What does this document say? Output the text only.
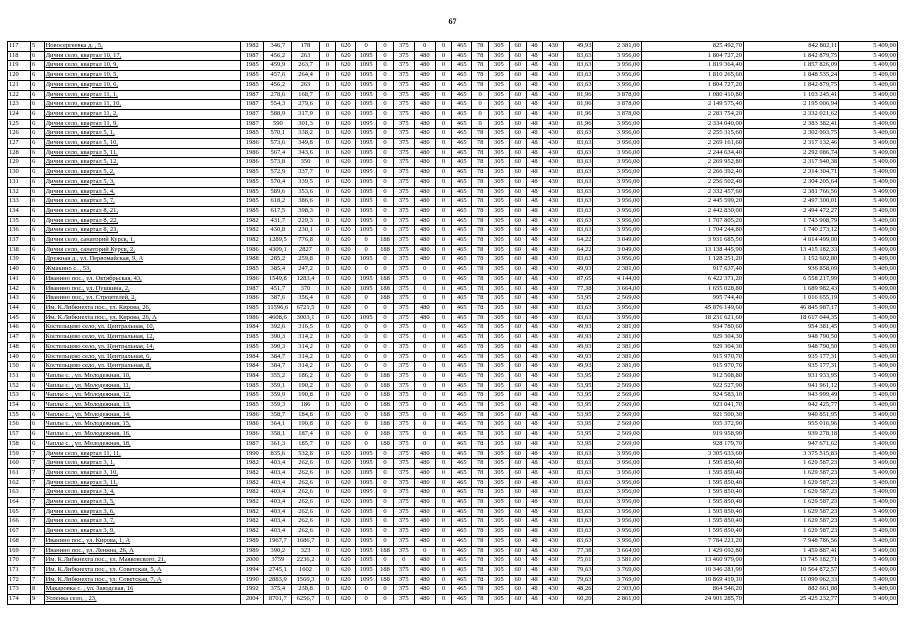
67
117	5	Новосергеевка д. , 5,	1982	346,7	178	0	620	0	0	375	0	0	465	78	305	60	48	430	49,93	2 381,00	825 492,70	842 802,11	5 409,00
118	6	Дичня село, квартал 10, 17,	1987	456,2	263	0	620	1095	0	375	480	0	465	78	305	60	48	430	83,63	3 956,00	1 804 727,20	1 842 879,75	5 409,00
119	6	Дичня село, квартал 10, 9,	1985	459,9	263,7	0	620	1095	0	375	480	0	465	78	305	60	48	430	83,63	3 956,00	1 819 364,40	1 857 826,09	5 409,00
120	6	Дичня село, квартал 10, 5,	1985	457,6	264,4	0	620	1095	0	375	480	0	465	78	305	60	48	430	83,63	3 956,00	1 810 265,60	1 848 535,24	5 409,00
121	6	Дичня село, квартал 10, 6,	1985	456,2	263	0	620	1095	0	375	480	0	465	78	305	60	48	430	83,63	3 956,00	1 804 727,20	1 842 879,75	5 409,00
122	6	Дичня село, квартал 11, 1,	1987	278,6	168,7	0	620	1095	0	375	480	0	465	0	305	60	48	430	81,96	3 878,00	1 080 410,80	1 103 245,41	5 409,00
123	6	Дичня село, квартал 11, 10,	1987	554,3	279,6	0	620	1095	0	375	480	0	465	0	305	60	48	430	81,96	3 878,00	2 149 575,40	2 195 006,94	5 409,00
124	6	Дичня село, квартал 11, 2,	1987	588,9	317,9	0	620	1095	0	375	480	0	465	0	305	60	48	430	81,96	3 878,00	2 283 754,20	2 332 021,62	5 409,00
125	6	Дичня село, квартал 11, 9,	1987	590	301,3	0	620	1095	0	375	480	0	465	0	305	60	48	430	81,96	3 956,00	2 334 040,00	2 383 382,41	5 409,00
126	6	Дичня село, квартал 5, 1,	1985	570,1	338,2	0	620	1095	0	375	480	0	465	78	305	60	48	430	83,63	3 956,00	2 255 315,60	2 302 993,75	5 409,00
127	6	Дичня село, квартал 5, 10,	1986	573,6	349,8	0	620	1095	0	375	480	0	465	78	305	60	48	430	83,63	3 956,00	2 269 161,60	2 317 132,46	5 409,00
128	6	Дичня село, квартал 5, 11,	1986	567,4	343,6	0	620	1095	0	375	480	0	465	78	305	60	48	430	83,63	3 956,00	2 244 634,40	2 292 086,74	5 409,00
129	6	Дичня село, квартал 5, 12,	1986	573,8	350	0	620	1095	0	375	480	0	465	78	305	60	48	430	83,63	3 956,00	2 269 952,80	2 317 940,38	5 409,00
130	6	Дичня село, квартал 5, 2,	1985	572,9	337,7	0	620	1095	0	375	480	0	465	78	305	60	48	430	83,63	3 956,00	2 266 392,40	2 314 304,71	5 409,00
131	6	Дичня село, квартал 5, 3,	1985	570,4	339,5	0	620	1095	0	375	480	0	465	78	305	60	48	430	83,63	3 956,00	2 256 502,40	2 304 205,64	5 409,00
132	6	Дичня село, квартал 5, 4,	1985	589,6	353,6	0	620	1095	0	375	480	0	465	78	305	60	48	430	83,63	3 956,00	2 332 457,60	2 381 766,56	5 409,00
133	6	Дичня село, квартал 5, 7,	1985	618,2	386,6	0	620	1095	0	375	480	0	465	78	305	60	48	430	83,63	3 956,00	2 445 599,20	2 497 300,01	5 409,00
134	6	Дичня село, квартал 8, 21,	1985	617,5	398,3	0	620	1095	0	375	480	0	465	78	305	60	48	430	83,63	3 956,00	2 442 830,00	2 494 472,27	5 409,00
135	6	Дичня село, квартал 8, 22,	1982	431,7	229,3	0	620	1095	0	375	480	0	465	78	305	60	48	430	83,63	3 956,00	1 707 805,20	1 743 908,79	5 409,00
136	6	Дичня село, квартал 8, 23,	1982	430,8	230,1	0	620	1095	0	375	480	0	465	78	305	60	48	430	83,63	3 956,00	1 704 244,80	1 740 273,12	5 409,00
137	6	Дичня село, санаторий Курск, 1,	1982	1289,5	776,8	0	620	0	188	375	480	0	465	78	305	60	48	430	64,22	3 049,00	3 931 685,50	4 014 499,00	5 409,00
138	6	Дичня село, санаторий Курск, 2,	1986	4309,1	2827	0	620	0	188	375	480	0	465	78	305	60	48	430	64,22	3 049,00	13 138 445,90	13 415 182,33	5 409,00
139	6	Дружная д., ул. Первомайская, 9, А	1988	285,2	259,8	0	620	1095	0	375	480	0	465	78	305	60	48	430	83,63	3 956,00	1 128 251,20	1 152 602,80	5 409,00
140	6	Жмакино с. , 53,	1985	385,4	247,2	0	620	0	0	375	0	0	465	78	305	60	48	430	49,93	2 381,00	917 637,40	936 858,09	5 409,00
141	6	Иванино пос., ул. Октябрьская, 43,	1986	1549,8	1283,4	0	620	1095	188	375	0	0	465	78	305	60	48	430	87,65	4 144,00	6 422 371,20	6 558 217,99	5 409,00
142	6	Иванино пос., ул. Пушкина, 2,	1987	451,7	370	0	620	1095	188	375	0	0	465	78	305	60	48	430	77,38	3 664,00	1 655 028,80	1 689 982,43	5 409,00
143	6	Иванино пос., ул. Строителей, 2,	1986	387,6	356,4	0	620	0	188	375	0	0	465	78	305	60	48	430	53,95	2 569,00	995 744,40	1 016 655,19	5 409,00
144	6	Им. К.Либкнехта пос., ул. Кирова, 26,	1985	11596,6	6721,5	0	620	0	0	375	480	0	465	78	305	60	48	430	83,63	3 956,00	45 876 149,60	46 845 987,17	5 409,00
145	6	Им. К.Либкнехта пос., ул. Кирова, 26, А	1986	4608,6	3003,1	0	620	1095	0	375	480	0	465	78	305	60	48	430	83,63	3 956,00	18 231 621,60	18 617 044,35	5 409,00
146	6	Костельцево село, ул. Центральная, 10,	1984	392,6	316,5	0	620	0	0	375	0	0	465	78	305	60	48	430	49,93	2 381,00	934 780,60	954 381,45	5 409,00
147	6	Костельцево село, ул. Центральная, 12,	1985	390,3	314,2	0	620	0	0	375	0	0	465	78	305	60	48	430	49,93	2 381,00	929 304,30	948 790,50	5 409,00
148	6	Костельцево село, ул. Центральная, 14,	1985	390,3	314,2	0	620	0	0	375	0	0	465	78	305	60	48	430	49,93	2 381,00	929 304,30	948 790,50	5 409,00
149	6	Костельцево село, ул. Центральная, 6,	1984	384,7	314,2	0	620	0	0	375	0	0	465	78	305	60	48	430	49,93	2 381,00	915 970,70	935 177,31	5 409,00
150	6	Костельцево село, ул. Центральная, 8,	1984	384,7	314,2	0	620	0	0	375	0	0	465	78	305	60	48	430	49,93	2 381,00	915 970,70	935 177,31	5 409,00
151	6	Чаплы с. , ул. Молодежная, 10,	1984	355,2	186,2	0	620	0	188	375	0	0	465	78	305	60	48	430	53,95	2 569,00	912 508,80	931 933,95	5 409,00
152	6	Чаплы с. , ул. Молодежная, 11,	1985	359,1	190,2	0	620	0	188	375	0	0	465	78	305	60	48	430	53,95	2 569,00	922 527,90	941 961,12	5 409,00
153	6	Чаплы с. , ул. Молодежная, 12,	1985	359,9	190,8	0	620	0	188	375	0	0	465	78	305	60	48	430	53,95	2 569,00	924 583,10	943 999,49	5 409,00
154	6	Чаплы с. , ул. Молодежная, 13,	1985	359,3	186	0	620	0	188	375	0	0	465	78	305	60	48	430	53,95	2 569,00	923 041,70	942 425,77	5 409,00
155	6	Чаплы с. , ул. Молодежная, 14,	1986	358,7	184,8	0	620	0	188	375	0	0	465	78	305	60	48	430	53,95	2 569,00	921 500,30	940 851,95	5 409,00
156	6	Чаплы с. , ул. Молодежная, 15,	1986	364,1	190,8	0	620	0	188	375	0	0	465	78	305	60	48	430	53,95	2 569,00	935 372,90	955 016,96	5 409,00
157	6	Чаплы с. , ул. Молодежная, 16,	1986	358,1	187,4	0	620	0	188	375	0	0	465	78	305	60	48	430	53,95	2 569,00	919 958,90	939 278,18	5 409,00
158	6	Чаплы с. , ул. Молодежная, 18,	1987	361,3	185,7	0	620	0	188	375	0	0	465	78	305	60	48	430	53,95	2 569,00	928 179,70	947 671,62	5 409,00
159	7	Дичня село, квартал 11, 11,	1990	835,6	532,8	0	620	1095	0	375	480	0	465	78	305	60	48	430	83,63	3 956,00	3 305 633,60	3 375 515,83	5 409,00
160	7	Дичня село, квартал 3, 1,	1982	403,4	262,6	0	620	1095	0	375	480	0	465	78	305	60	48	430	83,63	3 956,00	1 595 850,40	1 629 587,23	5 409,00
161	7	Дичня село, квартал 3, 10,	1982	403,4	262,6	0	620	1095	0	375	480	0	465	78	305	60	48	430	83,63	3 956,00	1 595 850,40	1 629 587,23	5 409,00
162	7	Дичня село, квартал 3, 11,	1982	403,4	262,6	0	620	1095	0	375	480	0	465	78	305	60	48	430	83,63	3 956,00	1 595 850,40	1 629 587,23	5 409,00
163	7	Дичня село, квартал 3, 4,	1982	403,4	262,6	0	620	1095	0	375	480	0	465	78	305	60	48	430	83,63	3 956,00	1 595 850,40	1 629 587,23	5 409,00
164	7	Дичня село, квартал 3, 5,	1982	403,4	262,6	0	620	1095	0	375	480	0	465	78	305	60	48	430	83,63	3 956,00	1 595 850,40	1 629 587,23	5 409,00
165	7	Дичня село, квартал 3, 6,	1982	403,4	262,6	0	620	1095	0	375	480	0	465	78	305	60	48	430	83,63	3 956,00	1 595 850,40	1 629 587,23	5 409,00
166	7	Дичня село, квартал 3, 7,	1982	403,4	262,6	0	620	1095	0	375	480	0	465	78	305	60	48	430	83,63	3 956,00	1 595 850,40	1 629 587,23	5 409,00
167	7	Дичня село, квартал 3, 9,	1982	403,4	262,6	0	620	1095	0	375	480	0	465	78	305	60	48	430	83,63	3 956,00	1 595 850,40	1 629 587,23	5 409,00
168	7	Иванино пос., ул. Кирова, 1, А	1989	1967,7	1686,7	0	620	1095	0	375	480	0	465	78	305	60	48	430	83,63	3 956,00	7 784 221,20	7 948 786,56	5 409,00
169	7	Иванино пос., ул. Ленина, 26, А	1989	390,2	323	0	620	1095	188	375	0	0	465	78	305	60	48	430	77,38	3 664,00	1 429 692,80	1 459 887,41	5 409,00
170	7	Им. К.Либкнехта пос., ул. Маяковского, 21,	2000	3759	2236,2	0	620	1095	0	0	480	0	465	78	305	60	48	430	75,61	3 581,00	13 460 979,00	13 745 182,71	5 409,00
171	7	Им. К.Либкнехта пос., ул. Советская, 5, А	1994	2745,1	1602	0	620	1095	188	375	480	0	465	78	305	60	48	430	79,63	3 769,00	10 346 281,90	10 564 872,57	5 409,00
172	7	Им. К.Либкнехта пос., ул. Советская, 7, А	1990	2883,9	1560,3	0	620	1095	188	375	480	0	465	78	305	60	48	430	79,63	3 769,00	10 869 419,10	11 099 062,33	5 409,00
173	8	Макаровка с. , ул. Заводская, 16	1992	375,4	238,8	0	620	0	0	375	480	0	465	78	305	60	48	430	48,26	2 303,00	864 546,20	882 661,88	5 409,00
174	9	Успенка село, , 23,	2004	8701,7	6256,7	0	620	0	0	375	480	0	465	78	305	60	48	430	60,20	2 861,00	24 901 285,70	25 425 232,77	5 409,00
